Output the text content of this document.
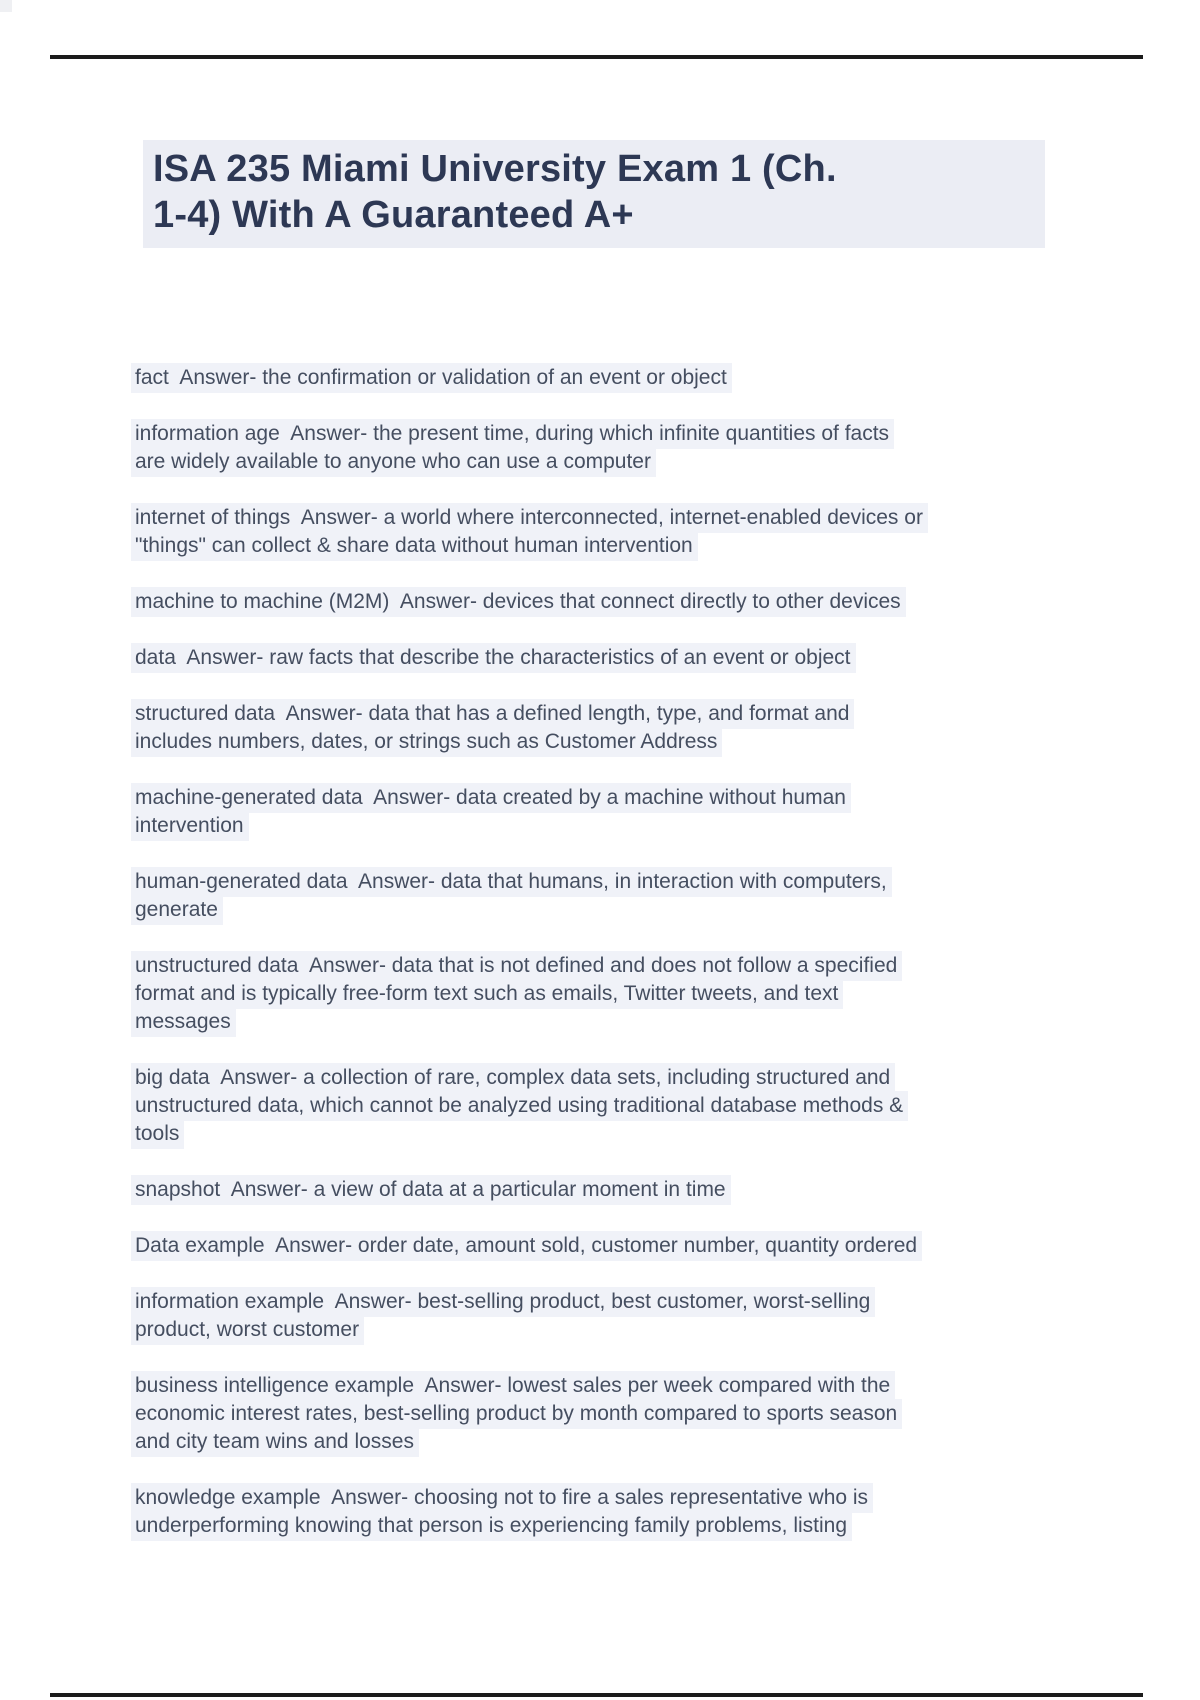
ISA 235 Miami University Exam 1 (Ch.
1-4) With A Guaranteed A+

fact  Answer- the confirmation or validation of an event or object

information age  Answer- the present time, during which infinite quantities of facts
are widely available to anyone who can use a computer

internet of things  Answer- a world where interconnected, internet-enabled devices or
"things" can collect & share data without human intervention

machine to machine (M2M)  Answer- devices that connect directly to other devices

data  Answer- raw facts that describe the characteristics of an event or object

structured data  Answer- data that has a defined length, type, and format and
includes numbers, dates, or strings such as Customer Address

machine-generated data  Answer- data created by a machine without human
intervention

human-generated data  Answer- data that humans, in interaction with computers,
generate

unstructured data  Answer- data that is not defined and does not follow a specified
format and is typically free-form text such as emails, Twitter tweets, and text
messages

big data  Answer- a collection of rare, complex data sets, including structured and
unstructured data, which cannot be analyzed using traditional database methods &
tools

snapshot  Answer- a view of data at a particular moment in time

Data example  Answer- order date, amount sold, customer number, quantity ordered

information example  Answer- best-selling product, best customer, worst-selling
product, worst customer

business intelligence example  Answer- lowest sales per week compared with the
economic interest rates, best-selling product by month compared to sports season
and city team wins and losses

knowledge example  Answer- choosing not to fire a sales representative who is
underperforming knowing that person is experiencing family problems, listing
